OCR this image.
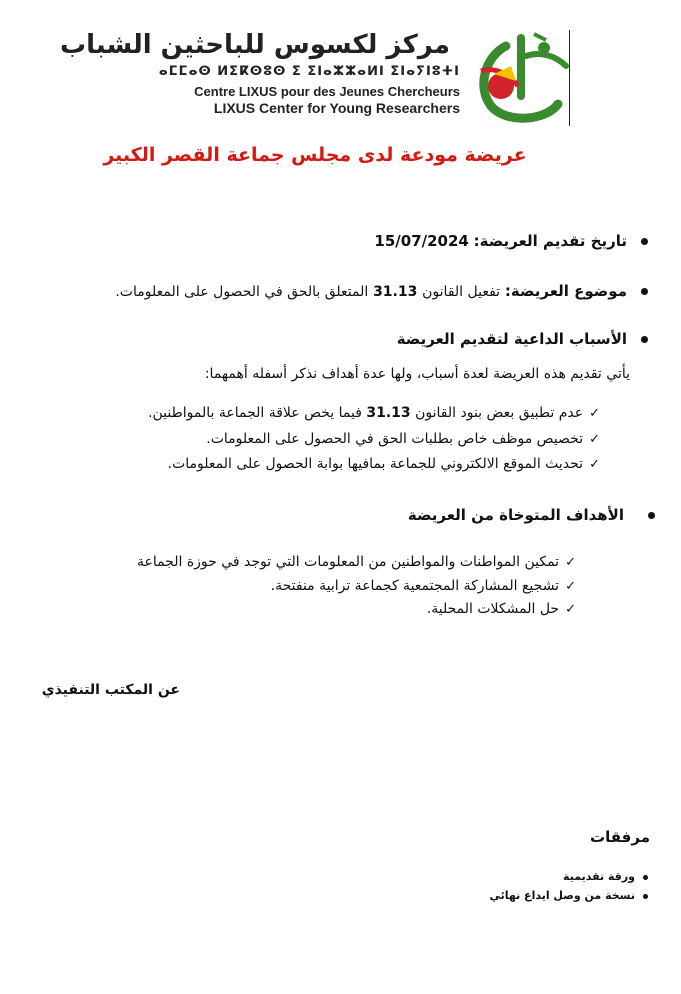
مركز لكسوس للباحثين الشباب
ⴰⵎⵎⴰⵙ ⵍⵉⴽⵙⵓⵙ ⵉ ⵉⵏⴰⵣⵣⴰⵍⵏ ⵉⵏⴰⵢⵏⵓⵜⵏ
Centre LIXUS pour des Jeunes Chercheurs
LIXUS Center for Young Researchers
عريضة مودعة لدى مجلس جماعة القصر الكبير
تاريخ تقديم العريضة: 15/07/2024
موضوع العريضة: تفعيل القانون 31.13 المتعلق بالحق في الحصول على المعلومات.
الأسباب الداعية لتقديم العريضة
يأتي تقديم هذه العريضة لعدة أسباب، ولها عدة أهداف نذكر أسفله أهمهما:
✓عدم تطبيق بعض بنود القانون 31.13 فيما يخص علاقة الجماعة بالمواطنين.
✓تخصيص موظف خاص بطلبات الحق في الحصول على المعلومات.
✓تحديث الموقع الالكتروني للجماعة بمافيها بوابة الحصول على المعلومات.
الأهداف المتوخاة من العريضة
✓تمكين المواطنات والمواطنين من المعلومات التي توجد في حوزة الجماعة
✓تشجيع المشاركة المجتمعية كجماعة ترابية منفتحة.
✓حل المشكلات المحلية.
عن المكتب التنفيذي
مرفقات
ورقة تقديمية
نسخة من وصل ايداع نهائي
